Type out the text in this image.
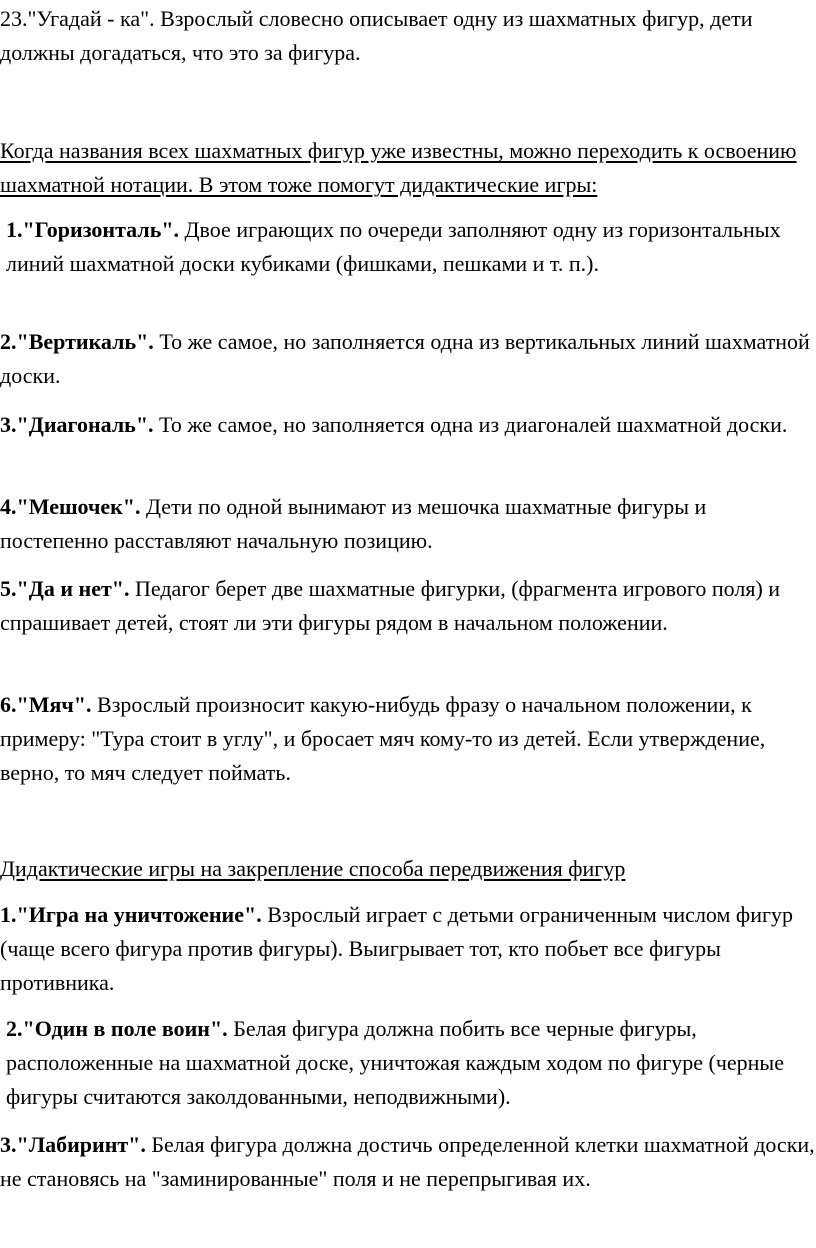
23."Угадай - ка". Взрослый словесно описывает одну из шахматных фигур, дети должны догадаться, что это за фигура.

Когда названия всех шахматных фигур уже известны, можно переходить к освоению шахматной нотации. В этом тоже помогут дидактические игры:

1."Горизонталь". Двое играющих по очереди заполняют одну из горизонтальных линий шахматной доски кубиками (фишками, пешками и т. п.).

2."Вертикаль". То же самое, но заполняется одна из вертикальных линий шахматной доски.

3."Диагональ". То же самое, но заполняется одна из диагоналей шахматной доски.

4."Мешочек". Дети по одной вынимают из мешочка шахматные фигуры и постепенно расставляют начальную позицию.

5."Да и нет". Педагог берет две шахматные фигурки, (фрагмента игрового поля) и спрашивает детей, стоят ли эти фигуры рядом в начальном положении.

6."Мяч". Взрослый произносит какую-нибудь фразу о начальном положении, к примеру: "Тура стоит в углу", и бросает мяч кому-то из детей. Если утверждение, верно, то мяч следует поймать.

Дидактические игры на закрепление способа передвижения фигур

1."Игра на уничтожение". Взрослый играет с детьми ограниченным числом фигур (чаще всего фигура против фигуры). Выигрывает тот, кто побьет все фигуры противника.

2."Один в поле воин". Белая фигура должна побить все черные фигуры, расположенные на шахматной доске, уничтожая каждым ходом по фигуре (черные фигуры считаются заколдованными, неподвижными).

3."Лабиринт". Белая фигура должна достичь определенной клетки шахматной доски, не становясь на "заминированные" поля и не перепрыгивая их.
